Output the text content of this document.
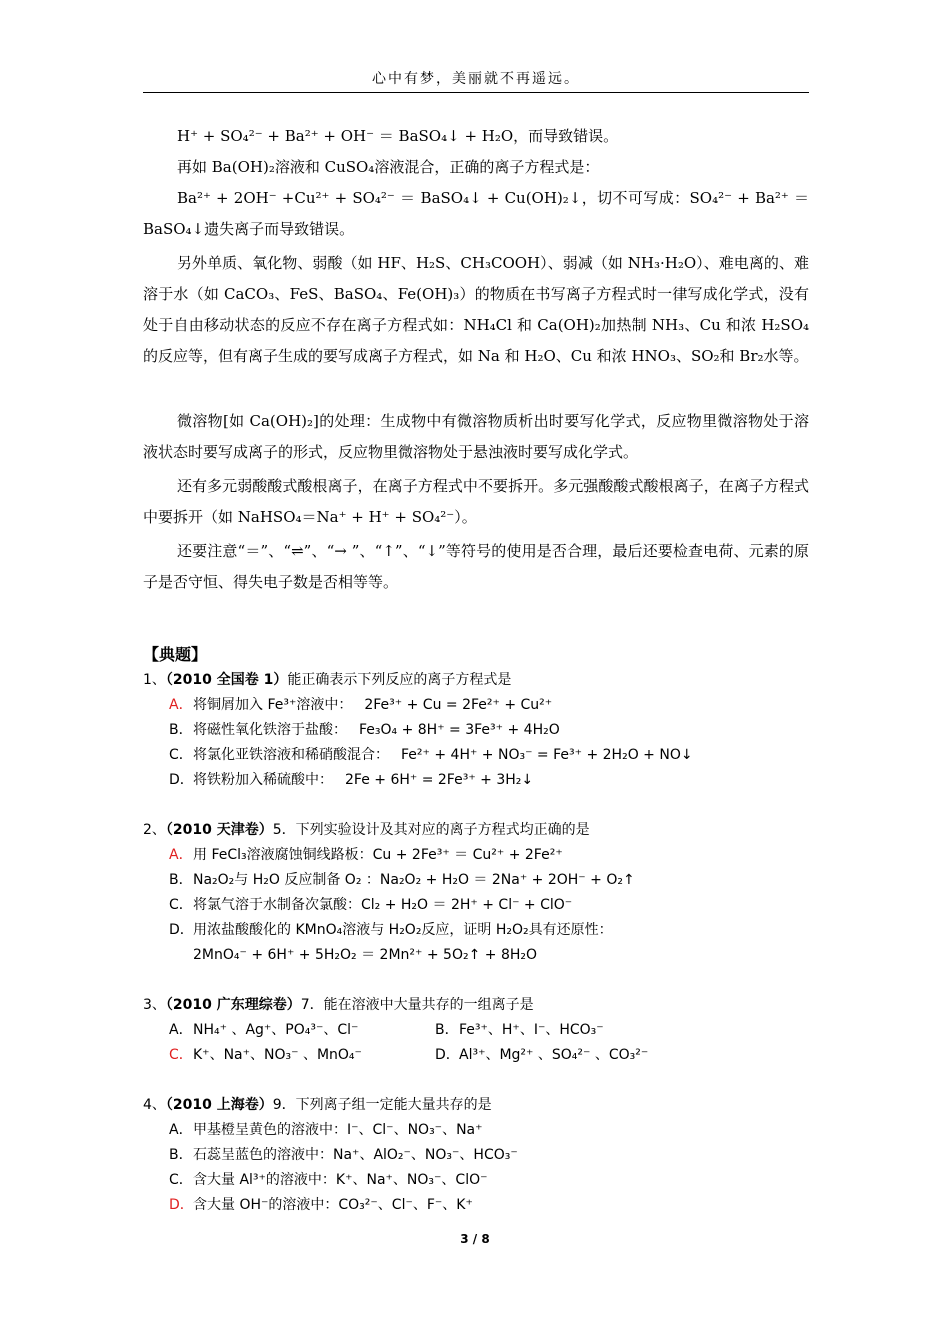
心中有梦，美丽就不再遥远。
H⁺ + SO₄²⁻ + Ba²⁺ + OH⁻ ＝ BaSO₄↓ + H₂O，而导致错误。
再如 Ba(OH)₂溶液和 CuSO₄溶液混合，正确的离子方程式是：
Ba²⁺ + 2OH⁻ +Cu²⁺ + SO₄²⁻ ＝ BaSO₄↓ + Cu(OH)₂↓，切不可写成：SO₄²⁻ + Ba²⁺ ＝ BaSO₄↓遗失离子而导致错误。
另外单质、氧化物、弱酸（如 HF、H₂S、CH₃COOH）、弱减（如 NH₃·H₂O）、难电离的、难溶于水（如 CaCO₃、FeS、BaSO₄、Fe(OH)₃）的物质在书写离子方程式时一律写成化学式，没有处于自由移动状态的反应不存在离子方程式如：NH₄Cl 和 Ca(OH)₂加热制 NH₃、Cu 和浓 H₂SO₄的反应等，但有离子生成的要写成离子方程式，如 Na 和 H₂O、Cu 和浓 HNO₃、SO₂和 Br₂水等。
微溶物[如 Ca(OH)₂]的处理：生成物中有微溶物质析出时要写化学式，反应物里微溶物处于溶液状态时要写成离子的形式，反应物里微溶物处于悬浊液时要写成化学式。
还有多元弱酸酸式酸根离子，在离子方程式中不要拆开。多元强酸酸式酸根离子，在离子方程式中要拆开（如 NaHSO₄＝Na⁺ + H⁺ + SO₄²⁻）。
还要注意“＝”、“⇌”、“→ ”、“↑”、“↓”等符号的使用是否合理，最后还要检查电荷、元素的原子是否守恒、得失电子数是否相等等。
【典题】
1、（2010 全国卷 1）能正确表示下列反应的离子方程式是
A．将铜屑加入 Fe³⁺溶液中： 2Fe³⁺ + Cu = 2Fe²⁺ + Cu²⁺
B．将磁性氧化铁溶于盐酸： Fe₃O₄ + 8H⁺ = 3Fe³⁺ + 4H₂O
C．将氯化亚铁溶液和稀硝酸混合： Fe²⁺ + 4H⁺ + NO₃⁻ = Fe³⁺ + 2H₂O + NO↓
D．将铁粉加入稀硫酸中： 2Fe + 6H⁺ = 2Fe³⁺ + 3H₂↓
2、（2010 天津卷）5．下列实验设计及其对应的离子方程式均正确的是
A．用 FeCl₃溶液腐蚀铜线路板：Cu + 2Fe³⁺ ＝ Cu²⁺ + 2Fe²⁺
B．Na₂O₂与 H₂O 反应制备 O₂ ：Na₂O₂ + H₂O ＝ 2Na⁺ + 2OH⁻ + O₂↑
C．将氯气溶于水制备次氯酸：Cl₂ + H₂O ＝ 2H⁺ + Cl⁻ + ClO⁻
D．用浓盐酸酸化的 KMnO₄溶液与 H₂O₂反应，证明 H₂O₂具有还原性：
2MnO₄⁻ + 6H⁺ + 5H₂O₂ ＝ 2Mn²⁺ + 5O₂↑ + 8H₂O
3、（2010 广东理综卷）7．能在溶液中大量共存的一组离子是
A．NH₄⁺ 、Ag⁺、PO₄³⁻、Cl⁻	B．Fe³⁺、H⁺、I⁻、HCO₃⁻
C．K⁺、Na⁺、NO₃⁻ 、MnO₄⁻	D．Al³⁺、Mg²⁺ 、SO₄²⁻ 、CO₃²⁻
4、（2010 上海卷）9．下列离子组一定能大量共存的是
A．甲基橙呈黄色的溶液中：I⁻、Cl⁻、NO₃⁻、Na⁺
B．石蕊呈蓝色的溶液中：Na⁺、AlO₂⁻、NO₃⁻、HCO₃⁻
C．含大量 Al³⁺的溶液中：K⁺、Na⁺、NO₃⁻、ClO⁻
D．含大量 OH⁻的溶液中：CO₃²⁻、Cl⁻、F⁻、K⁺
3 / 8
